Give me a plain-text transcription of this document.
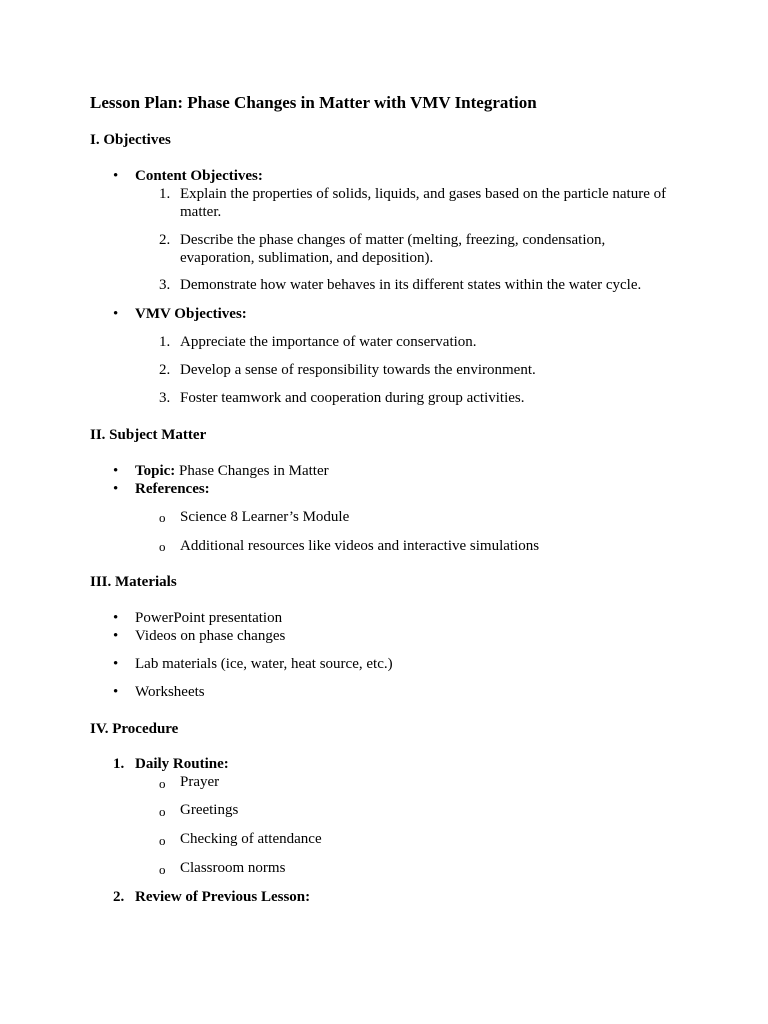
Lesson Plan: Phase Changes in Matter with VMV Integration
I. Objectives
• Content Objectives:
1. Explain the properties of solids, liquids, and gases based on the particle nature of
matter.
2. Describe the phase changes of matter (melting, freezing, condensation,
evaporation, sublimation, and deposition).
3. Demonstrate how water behaves in its different states within the water cycle.
• VMV Objectives:
1. Appreciate the importance of water conservation.
2. Develop a sense of responsibility towards the environment.
3. Foster teamwork and cooperation during group activities.
II. Subject Matter
• Topic: Phase Changes in Matter
• References:
o Science 8 Learner’s Module
o Additional resources like videos and interactive simulations
III. Materials
• PowerPoint presentation
• Videos on phase changes
• Lab materials (ice, water, heat source, etc.)
• Worksheets
IV. Procedure
1. Daily Routine:
o Prayer
o Greetings
o Checking of attendance
o Classroom norms
2. Review of Previous Lesson:
